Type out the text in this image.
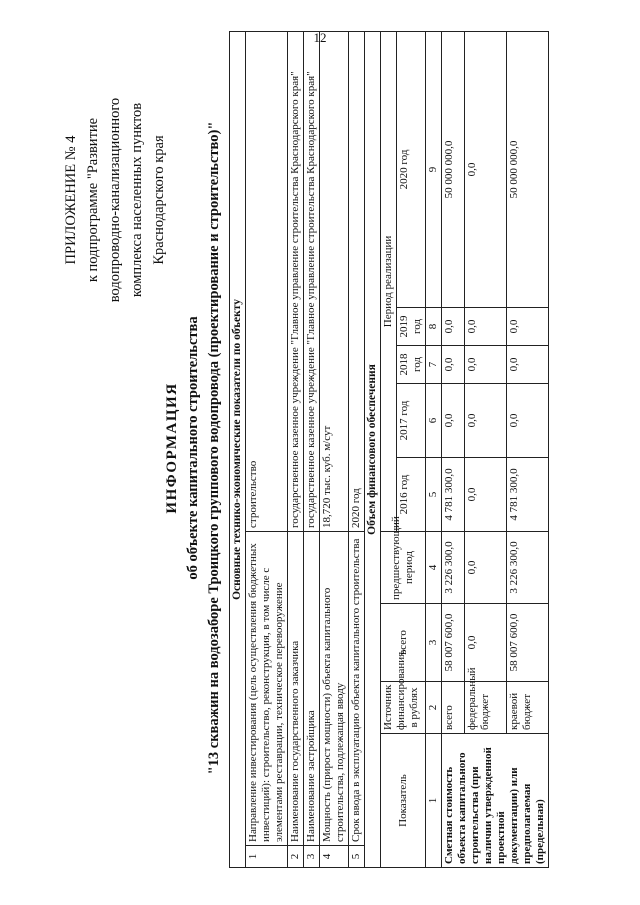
12
ПРИЛОЖЕНИЕ № 4 к подпрограмме "Развитие водопроводно-канализационного комплекса населенных пунктов Краснодарского края
ИНФОРМАЦИЯ об объекте капитального строительства "13 скважин на водозаборе Троицкого группового водопровода (проектирование и строительство)" Основные технико-экономические показатели по объекту									
1	Направление инвестирования (цель осуществления бюджетных инвестиций): строительство, реконструкция, в том числе с элементами реставрации, техническое перевооружение				строительство				
2	Наименование государственного заказчика				государственное казенное учреждение "Главное управление строительства Краснодарского края"				
3	Наименование застройщика				государственное казенное учреждение "Главное управление строительства Краснодарского края"				
4	Мощность (прирост мощности) объекта капитального строительства, подлежащая вводу				18,720 тыс. куб. м/сут				
5	Срок ввода в эксплуатацию объекта капитального строительства				2020 год				
Объем финансового обеспечения									
Показатель		Источник финансирования, в рублях	всего	предшествующий период	Период реализации				
					2016 год	2017 год	2018 год	2019 год	2020 год
1		2	3	4	5	6	7	8	9
Сметная стоимость объекта капитального строительства (при наличии утвержденной проектной документации) или предполагаемая (предельная)		всего	58 007 600,0	3 226 300,0	4 781 300,0	0,0	0,0	0,0	50 000 000,0
		федеральный бюджет	0,0	0,0	0,0	0,0	0,0	0,0	0,0
		краевой бюджет	58 007 600,0	3 226 300,0	4 781 300,0	0,0	0,0	0,0	50 000 000,0
